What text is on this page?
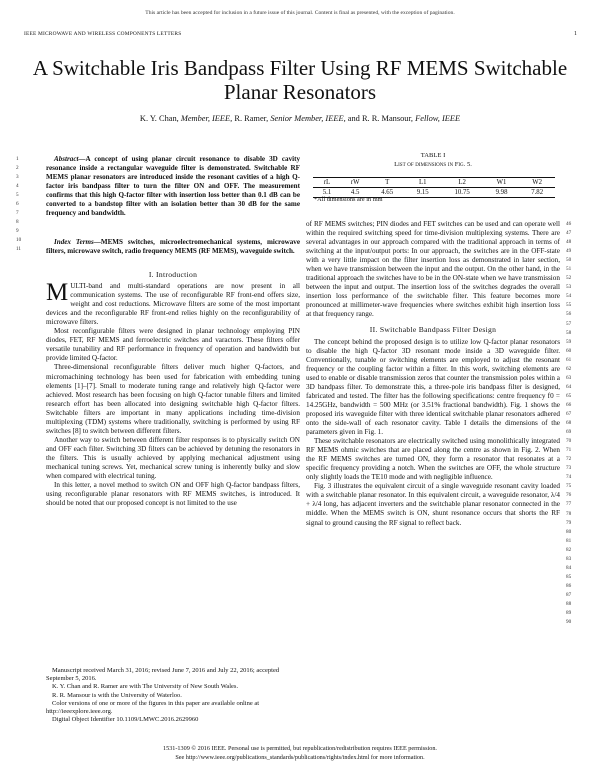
This article has been accepted for inclusion in a future issue of this journal. Content is final as presented, with the exception of pagination.
IEEE MICROWAVE AND WIRELESS COMPONENTS LETTERS	1
A Switchable Iris Bandpass Filter Using RF MEMS Switchable Planar Resonators
K. Y. Chan, Member, IEEE, R. Ramer, Senior Member, IEEE, and R. R. Mansour, Fellow, IEEE
1
2
3
4
5
6
7
8
9
10
11

Abstract—A concept of using planar circuit resonance to disable 3D cavity resonance inside a rectangular waveguide filter is demonstrated. Switchable RF MEMS planar resonators are introduced inside the resonant cavities of a high Q-factor iris bandpass filter to turn the filter ON and OFF. The measurement confirms that this high Q-factor filter with insertion loss better than 0.1 dB can be converted to a bandstop filter with an isolation better than 30 dB for the same frequency and bandwidth.

Index Terms—MEMS switches, microelectromechanical systems, microwave filters, microwave switch, radio frequency MEMS (RF MEMS), waveguide switch.

I. Introduction

MULTI-band and multi-standard operations are now present in all communication systems. The use of reconfigurable RF front-end offers size, weight and cost reductions. Microwave filters are some of the most important devices and the reconfigurable RF front-end relies highly on the reconfigurability of microwave filters.

Most reconfigurable filters were designed in planar technology employing PIN diodes, FET, RF MEMS and ferroelectric switches and varactors. These filters offer versatile tunability and RF performance in frequency of operation and bandwidth but provide limited Q-factor.

Three-dimensional reconfigurable filters deliver much higher Q-factors, and micromachining technology has been used for fabrication with embedding tuning elements [1]–[7]. Small to moderate tuning range and relatively high Q-factor were achieved. Most research has been focusing on high Q-factor tunable filters and limited research effort has been allocated into designing switchable high Q-factor filters. Switchable filters are important in many applications including time-division multiplexing (TDM) systems where traditionally, switching is performed by using RF switches [8] to switch between different filters.

Another way to switch between different filter responses is to physically switch ON and OFF each filter. Switching 3D filters can be achieved by detuning the resonators in the filters. This is usually achieved by applying mechanical adjustment using mechanical tuning screws. Yet, mechanical screw tuning is inherently bulky and slow when compared with electrical tuning.

In this letter, a novel method to switch ON and OFF high Q-factor bandpass filters, using reconfigurable planar resonators with RF MEMS switches, is introduced. It should be noted that our proposed concept is not limited to the use

Manuscript received March 31, 2016; revised June 7, 2016 and July 22, 2016; accepted September 5, 2016.

K. Y. Chan and R. Ramer are with The University of New South Wales.

R. R. Mansour is with the University of Waterloo.

Color versions of one or more of the figures in this paper are available online at http://ieeexplore.ieee.org.

Digital Object Identifier 10.1109/LMWC.2016.2629960

TABLE I
List of dimensions in Fig. 5.
rL	rW	T	L1	L2	W1	W2
5.1	4.5	4.65	9.15	10.75	9.98	7.82
*All dimensions are in mm
46
47
48
49
50
51
52
53
54
55
56
57
58
59
60
61
62
63
64
65
66
67
68
69
70
71
72
73
74
75
76
77
78
79
80
81
82
83
84
85
86
87
88
89
90

of RF MEMS switches; PIN diodes and FET switches can be used and can operate well within the required switching speed for time-division multiplexing systems. There are several advantages in our approach compared with the traditional approach in terms of switching at the input/output ports: In our approach, the switches are in the OFF-state with a very little impact on the filter insertion loss as demonstrated in later section, when we have transmission between the input and the output. On the other hand, in the traditional approach the switches have to be in the ON-state when we have transmission between the input and output. The insertion loss of the switches degrades the overall insertion loss performance of the switchable filter. This feature becomes more pronounced at millimeter-wave frequencies where switches exhibit high insertion loss at that frequency range.

II. Switchable Bandpass Filter Design

The concept behind the proposed design is to utilize low Q-factor planar resonators to disable the high Q-factor 3D resonant mode inside a 3D waveguide filter. Conventionally, tunable or switching elements are employed to adjust the resonant frequency or the coupling factor within a filter. In this work, switching elements are used to enable or disable transmission zeros that counter the transmission poles within a 3D bandpass filter. To demonstrate this, a three-pole iris bandpass filter is designed, fabricated and tested. The filter has the following specifications: centre frequency f0 = 14.25GHz, bandwidth = 500 MHz (or 3.51% fractional bandwidth). Fig. 1 shows the proposed iris waveguide filter with three identical switchable planar resonators adhered onto the side-wall of each resonator cavity. Table I details the dimensions of the parameters given in Fig. 1.

These switchable resonators are electrically switched using monolithically integrated RF MEMS ohmic switches that are placed along the centre as shown in Fig. 2. When the RF MEMS switches are turned ON, they form a resonator that resonates at a specific frequency providing a notch. When the switches are OFF, the whole structure only slightly loads the TE10 mode and with negligible influence.

Fig. 3 illustrates the equivalent circuit of a single waveguide resonant cavity loaded with a switchable planar resonator. In this equivalent circuit, a waveguide resonator, λ/4 + λ/4 long, has adjacent inverters and the switchable planar resonator connected in the middle. When the MEMS switch is ON, shunt resonance occurs that shorts the RF signal to ground causing the RF signal to reflect back.

1531-1309 © 2016 IEEE. Personal use is permitted, but republication/redistribution requires IEEE permission.
See http://www.ieee.org/publications_standards/publications/rights/index.html for more information.
